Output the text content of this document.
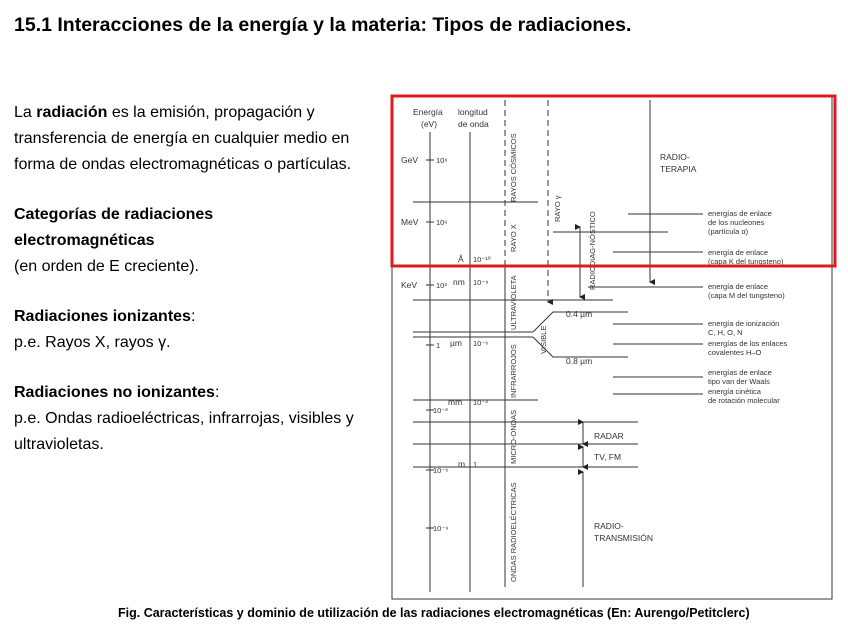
15.1 Interacciones de la energía y la materia: Tipos de radiaciones.

La radiación es la emisión, propagación y transferencia de energía en cualquier medio en forma de ondas electromagnéticas o partículas.

Categorías de radiaciones
electromagnéticas
(en orden de E creciente).

Radiaciones ionizantes:
p.e. Rayos X, rayos γ.

Radiaciones no ionizantes:
p.e. Ondas radioeléctricas, infrarrojas, visibles y ultravioletas.

Energía
(eV)
longitud
de onda
GeV
MeV
KeV
10⁹
10⁶
10³
1
10⁻³
10⁻⁶
10⁻⁹
Å
nm
µm
mm
m
10⁻¹⁰
10⁻⁹
10⁻⁶
10⁻³
1
RAYOS CÓSMICOS
RAYO X
ULTRAVIOLETA
VISIBLE
INFRARROJOS
MICRO-ONDAS
ONDAS RADIOELÉCTRICAS
RAYO γ
RADIODIAG-NÓSTICO
0.4 µm
0.8 µm
RADIO-
TERAPIA
RADAR
TV, FM
RADIO-
TRANSMISIÓN
energías de enlace
de los nucleones
(partícula α)
energía de enlace
(capa K del tungsteno)
energía de enlace
(capa M del tungsteno)
energía de ionización
C, H, O, N
energías de los enlaces
covalentes H–O
energías de enlace
tipo van der Waals
energía cinética
de rotación molecular
Fig. Características y dominio de utilización de las radiaciones electromagnéticas (En: Aurengo/Petitclerc)
